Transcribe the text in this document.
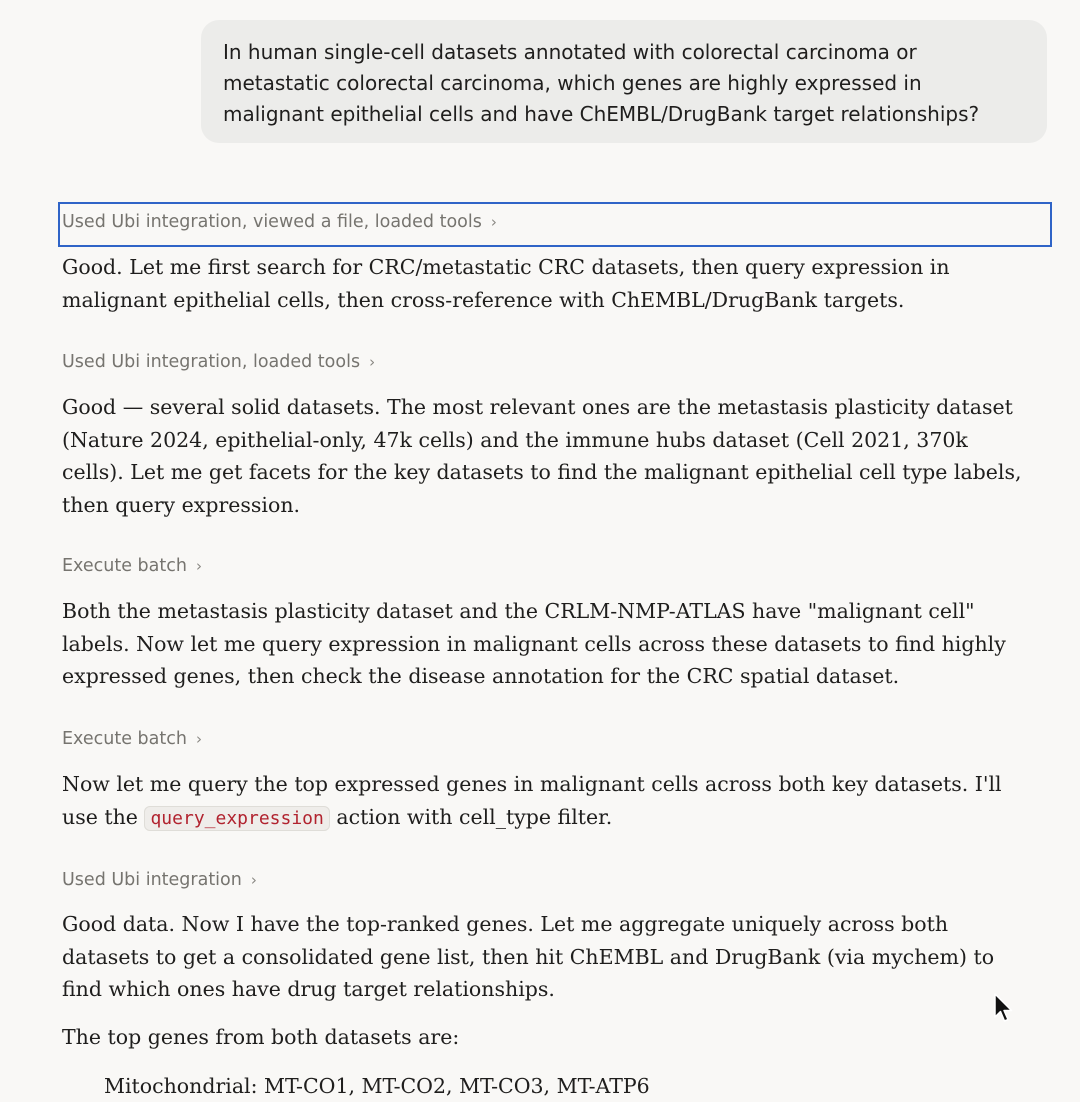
In human single-cell datasets annotated with colorectal carcinoma or
metastatic colorectal carcinoma, which genes are highly expressed in
malignant epithelial cells and have ChEMBL/DrugBank target relationships?

Used Ubi integration, viewed a file, loaded tools ›

Good. Let me first search for CRC/metastatic CRC datasets, then query expression in malignant epithelial cells, then cross-reference with ChEMBL/DrugBank targets.

Used Ubi integration, loaded tools ›

Good — several solid datasets. The most relevant ones are the metastasis plasticity dataset (Nature 2024, epithelial-only, 47k cells) and the immune hubs dataset (Cell 2021, 370k cells). Let me get facets for the key datasets to find the malignant epithelial cell type labels, then query expression.

Execute batch ›

Both the metastasis plasticity dataset and the CRLM-NMP-ATLAS have "malignant cell" labels. Now let me query expression in malignant cells across these datasets to find highly expressed genes, then check the disease annotation for the CRC spatial dataset.

Execute batch ›

Now let me query the top expressed genes in malignant cells across both key datasets. I'll use the query_expression action with cell_type filter.

Used Ubi integration ›

Good data. Now I have the top-ranked genes. Let me aggregate uniquely across both datasets to get a consolidated gene list, then hit ChEMBL and DrugBank (via mychem) to find which ones have drug target relationships.

The top genes from both datasets are:

Mitochondrial: MT-CO1, MT-CO2, MT-CO3, MT-ATP6
